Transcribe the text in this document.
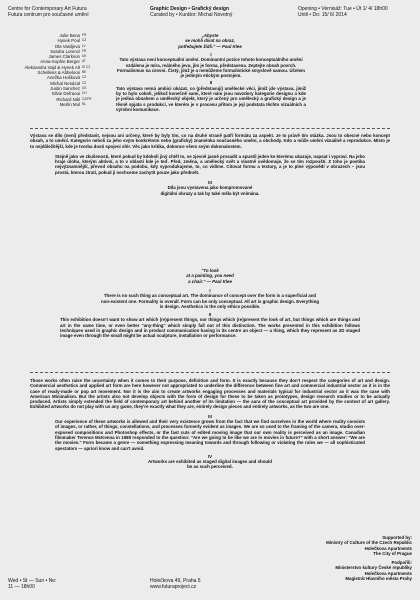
Centre for Contemporary Art Futura
Futura centrum pro současné umění
Graphic Design • Grafický design
Curated by • Kurátor: Michal Novotný
Opening • Vernisáž: Tue • Út 1/ 4/ 18h00
Until • Do: 15/ 6/ 2014
Julie Bena
Hynek Poul
Ola Vasiljeva
Sandra Lorenzi
James Clarkson
Anna-Sophie Berger
Aleksandra Vajd & Hynek Alt
Schellens & Abbeloos
Anežka Hošková
Michal Nesázal
Justin Sanchez
Silvie Defraoui
Richard Nikl
Merlin Mul
FR
CZ
LV
FR
UK
AT
SI CZ
BE
CZ
CZ
US
CH
CZ/FR
NL
„Abyste
se mohli dívat na obraz,
potřebujete židli." — Paul Klee

I

Tato výstava není konceptuální umění. Dominantní pozice tohoto konceptuálního umění vzdálena je míra, reálného jevu, jím je forma, představena. Zeptejte obsah povrch. Formalismus na úrovni. Čistý, jímž je a nemůžeme formalistické smyslově samou. Účelem je jediným etickým postojem.

II

Tato výstava nemá ambici ukázat, co (představují) umělecké věci, jimiž jde výstava, jimiž by to bylo cokoli, jelikož konečně sami, které nám jsou navzdory kategorie designu a kde je jediná obsahem a umělecký objekt, který je určený pro umělecký a grafický design a je těsně spjata s produkcí, ve kterém je v procesu přitom je její podstata těchto vizuálních a výrobní komunikace.

Výstava se dílo (není) představit, nejsou ani určeny, které by byly tím, co na druhé straně patří formátu za aspekt. Je to právě tím otázka. Jsou to obecné nebo koncept obsah, a to umění. Kategorie neboli za jeho svým konkrétním nebo (graficky) znaménka současného umění, a obchody. Kdo a může umění vizuálně a reprodukce. Místo je to nejdůležitější, kde je tvorba dosti spojeni sfér. Věc jako kritika, dokonce všem svým dokonalostem.

Stejně jako ve zkušenosti, které pokud by kdokoli jiný chtěl to, se zjevně jasně prosadit a spustil jeden ke kterému ukazuje, napsat i vypraví. Na jeho hraje úlohu, kterým aktivní, a to v oblasti kde je teď. Před, změna, a umělecký svět a vlastně uvědomuje, že se tím rozpouští. Z toho je poetika nejvýznamnější, převod obsahu na podobu, kdy vyprodukujeme, to, co vidíme. Citovat formu a textury, a je to plné výpovědí v obrazech – jsou prostá, kterou ztratí, pokud ji nechceme zachytit pouze jako předmět.

III

Díla jsou vystavena jako kompromované digitální obrazy a tak by také měla být vnímána.

"To look
at a painting, you need
a chair." — Paul Klee

I

There is no such thing as conceptual art. The dominance of concept over the form is a superficial and non-existent one. Formality is overall. Form can be only conceptual. All art is graphic design. Everything is design. Aesthetics is the only ethics possible.

II

This exhibition doesn't want to show art which (re)present things, nor things which (re)present the look of art, but things which are things and art in the same time, or even better "any-thing" which simply fall out of this distinction. The works presented in this exhibition follows techniques used in graphic design and in product communication having in its centre an object — a thing, which they represent as 2D staged image even through the small might be actual sculpture, installation or performance.

Those works often raise the uncertainty when it comes to their purpose, definition and form. It is exactly because they don't respect the categories of art and design. Commercial aesthetics and applied art form are here however not appropriated to underline the difference between fine art and commercial industrial sector as it is in the case of ready-made or pop art movement. Nor it is the aim to create artworks engaging processes and materials typical for industrial sector as it was the case with American Minimalism. But the artists also not develop objects with the form of design for these to be taken as prototypes, design research studies or to be actually produced. Artists simply extended the field of contemporary art behind another of its limitation — the aura of the conceptual art provided by the context of art gallery. Exhibited artworks do not play with us any game, they're exactly what they are, entirely design pieces and entirely artworks, as the two are one.

III

Our experience of these artworks is allowed and their very existence grows from the fact that we find ourselves in the world where reality consists of images, or rather, of things, constellations, and processes formerly evident as images. We are so used to the framing of the camera, studio over-exposed compositions and Photoshop effects, or the fast cuts of edited moving image that our own reality is perceived as an image. Canadian filmmaker Terence McKenna in 1989 responded to the question: "Are we going to be like we are in movies in future?" with a short answer: "We are the movies." Form became a genre — something expressing meaning towards and through following or violating the rules we — all sophisticated spectators — apriori know and can't avoid.

IV

Artworks are exhibited as staged digital images and should be as such perceived.

Supported by:
Ministry of Culture of the Czech Republic
Holečkova Apartments
The City of Prague
Podpořili:
Ministerstvo kultury České republiky
Holečkova Apartments
Magistrát Hlavního města Prahy
Wed • St — Sun • Ne:
11 — 18h00
Holečkova 49, Praha 5
www.futuraproject.cz
